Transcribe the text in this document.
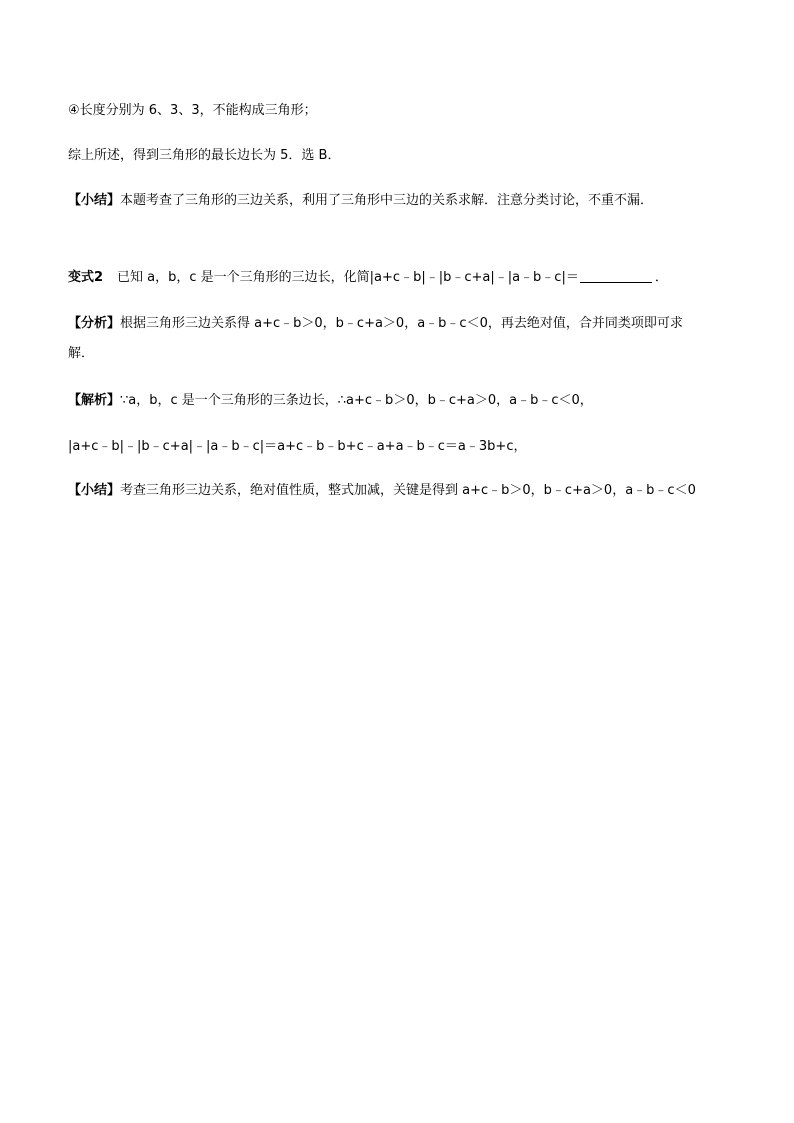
④长度分别为 6、3、3，不能构成三角形；
综上所述，得到三角形的最长边长为 5．选 B．
【小结】本题考查了三角形的三边关系，利用了三角形中三边的关系求解．注意分类讨论，不重不漏．
变式2 已知 a，b，c 是一个三角形的三边长，化简|a+c﹣b|﹣|b﹣c+a|﹣|a﹣b﹣c|＝	．
【分析】根据三角形三边关系得 a+c﹣b＞0，b﹣c+a＞0，a﹣b﹣c＜0，再去绝对值，合并同类项即可求
解．
【解析】∵a，b，c 是一个三角形的三条边长，∴a+c﹣b＞0，b﹣c+a＞0，a﹣b﹣c＜0，
|a+c﹣b|﹣|b﹣c+a|﹣|a﹣b﹣c|＝a+c﹣b﹣b+c﹣a+a﹣b﹣c＝a﹣3b+c，
【小结】考查三角形三边关系，绝对值性质，整式加减，关键是得到 a+c﹣b＞0，b﹣c+a＞0，a﹣b﹣c＜0
